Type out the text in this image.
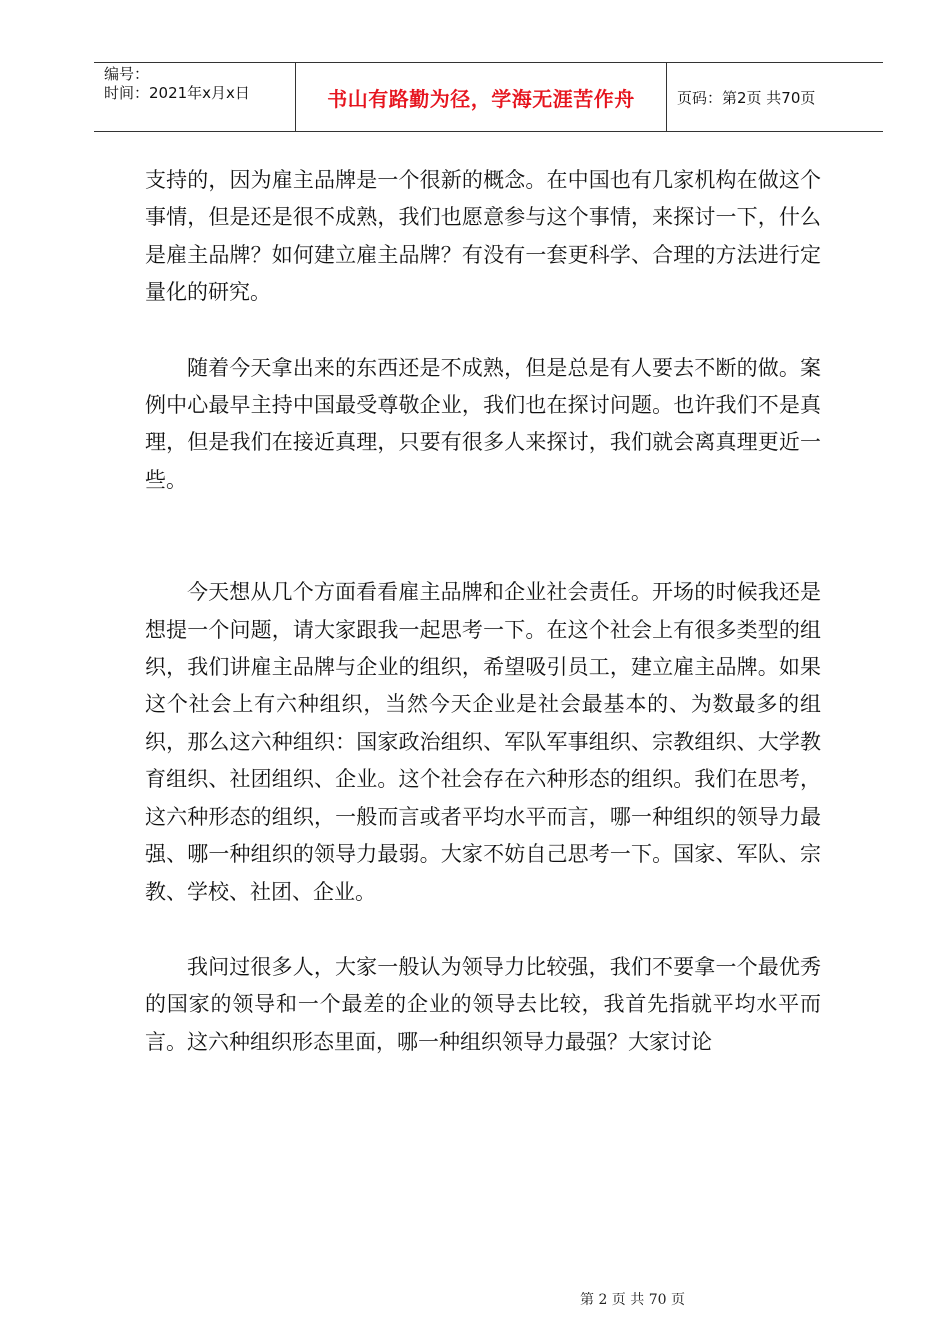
编号：
时间：2021年x月x日	书山有路勤为径，学海无涯苦作舟	页码：第2页 共70页

支持的，因为雇主品牌是一个很新的概念。在中国也有几家机构在做这个事情，但是还是很不成熟，我们也愿意参与这个事情，来探讨一下，什么是雇主品牌？如何建立雇主品牌？有没有一套更科学、合理的方法进行定量化的研究。

随着今天拿出来的东西还是不成熟，但是总是有人要去不断的做。案例中心最早主持中国最受尊敬企业，我们也在探讨问题。也许我们不是真理，但是我们在接近真理，只要有很多人来探讨，我们就会离真理更近一些。

今天想从几个方面看看雇主品牌和企业社会责任。开场的时候我还是想提一个问题，请大家跟我一起思考一下。在这个社会上有很多类型的组织，我们讲雇主品牌与企业的组织，希望吸引员工，建立雇主品牌。如果这个社会上有六种组织，当然今天企业是社会最基本的、为数最多的组织，那么这六种组织：国家政治组织、军队军事组织、宗教组织、大学教育组织、社团组织、企业。这个社会存在六种形态的组织。我们在思考，这六种形态的组织，一般而言或者平均水平而言，哪一种组织的领导力最强、哪一种组织的领导力最弱。大家不妨自己思考一下。国家、军队、宗教、学校、社团、企业。

我问过很多人，大家一般认为领导力比较强，我们不要拿一个最优秀的国家的领导和一个最差的企业的领导去比较，我首先指就平均水平而言。这六种组织形态里面，哪一种组织领导力最强？大家讨论

第 2 页 共 70 页
